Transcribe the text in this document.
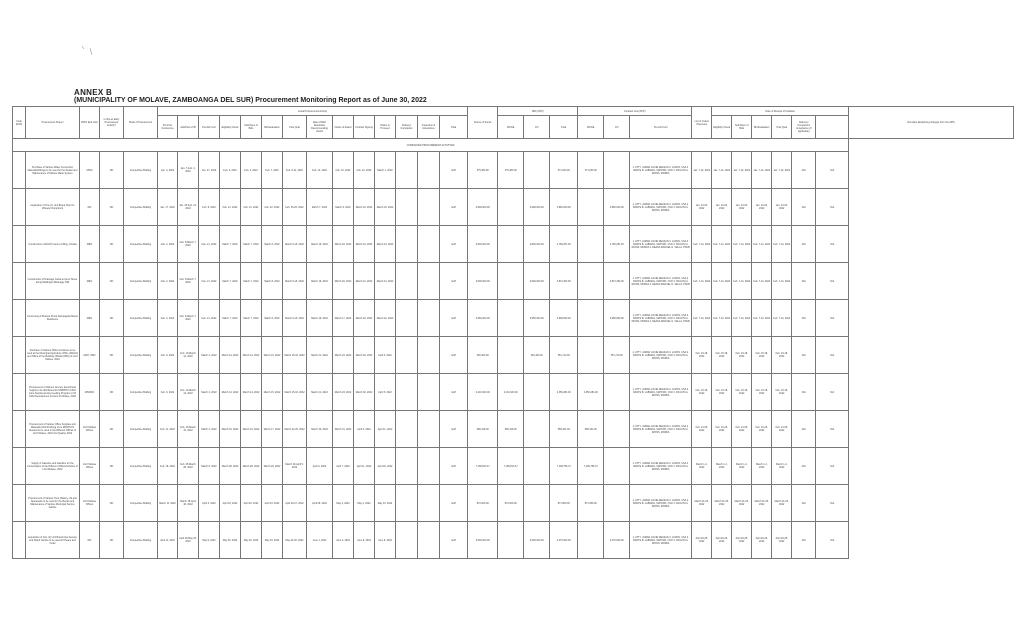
ANNEX B
(MUNICIPALITY OF MOLAVE, ZAMBOANGA DEL SUR) Procurement Monitoring Report as of June 30, 2022
Code (PAP)	Procurement Project	PMO/ End-User	Is this an Early Procurement Activity?	Mode of Procurement	Actual Procurement Activity														Source of Funds	ABC (PhP)			Contract Cost (PhP)			List of Invited Observers	Date of Receipt of Invitation						Remarks (Explaining changes from the APP)
					Pre-Proc Conference	Ads/Post of IB	Pre-bid Conf	Eligibility Check	Sub/Open of Bids	Bid Evaluation	Post Qual	Date of BAC Resolution Recommending Award	Notice of Award	Contract Signing	Notice to Proceed	Delivery/ Completion	Inspection & Acceptance	Total		MOOE	CO	Total	MOOE	CO	Pre-bid Conf		Eligibility Check	Sub/Open of Bids	Bid Evaluation	Post Qual	Delivery/ Completion/ Acceptance (If applicable)		
COMPLETED PROCUREMENT ACTIVITIES																																	
	Purchase of Various Water Connection Materials/Fittings to be used for the Repair and Maintenance of Molave Water System	MWS	NO	Competitive Bidding	Jan. 3, 2022	Jan. 7-Feb. 4, 2022	Jan. 27, 2022	Feb. 4, 2022	Feb. 4, 2022	Feb. 7, 2022	Feb. 8-11, 2022	Feb. 14, 2022	Feb. 16, 2022	Feb. 22, 2022	March 1, 2022			GoP	375,480.00	375,480.00		371,630.00	371,630.00		1. ATTY. JAMAD LOUIE DEASAN 4. LUZON, CSA 2. DANTE B. LABIANG, MATFDN, CSO 3. PAULITA A. IRONS, MORFA	Jan. 7-12, 2022	Jan. 7-12, 2022	Jan. 7-12, 2022	Jan. 7-12, 2022	Jan. 7-12, 2022	N/A	N/A	
	Acquisition of One (1) Unit Brand New 10-Wheeler Dumptruck	MO	NO	Competitive Bidding	Jan. 17, 2022	Jan. 25-Feb. 21, 2022	Feb. 9, 2022	Feb. 21, 2022	Feb. 21, 2022	Feb. 22, 2022	Feb. 23-25, 2022	March 7, 2022	March 9, 2022	March 16, 2022	March 16, 2022			GoP	4,999,000.00		4,999,000.00	4,860,000.00		4,860,000.00	1. ATTY. JAMAD LOUIE DEASAN 4. LUZON, CSA 2. DANTE B. LABIANG, MATFDN, CSO 3. PAULITA A. IRONS, MORFA	Jan. 24-26, 2022	Jan. 24-26, 2022	Jan. 24-26, 2022	Jan. 24-26, 2022	Jan. 24-26, 2022	N/A	N/A	
	Construction of ECCD Center at Brgy. Simata	MEO	NO	Competitive Bidding	Feb. 2, 2022	Feb. 8-March 7, 2022	Feb. 21, 2022	March 7, 2022	March 7, 2022	March 8, 2022	March 9-15, 2022	March 16, 2022	March 18, 2022	March 24, 2022	March 24, 2022			GoP	2,800,000.00		2,800,000.00	2,769,251.25		2,769,251.25	1. ATTY. JAMAD LOUIE DEASAN 4. LUZON, CSA 2. DANTE B. LABIANG, MATFDN, CSO 3. PAULITA A. IRONS, MORFA 4. DEASA MANUEL N. VELLA, PSCB	Feb. 7-14, 2022	Feb. 7-14, 2022	Feb. 7-14, 2022	Feb. 7-14, 2022	Feb. 7-14, 2022	N/A	N/A	
	Construction of Drainage Canal at Kenci Street along Maldingan Barangay Hall	MEO	NO	Competitive Bidding	Feb. 2, 2022	Feb. 8-March 7, 2022	Feb. 21, 2022	March 7, 2022	March 7, 2022	March 8, 2022	March 9-15, 2022	March 16, 2022	March 18, 2022	March 21, 2022	March 21, 2022			GoP	3,900,000.00		3,900,000.00	3,872,452.00		3,872,452.00	1. ATTY. JAMAD LOUIE DEASAN 4. LUZON, CSA 2. DANTE B. LABIANG, MATFDN, CSO 3. PAULITA A. IRONS, MORFA 4. DEASA MANUEL N. VELLA, PSCB	Feb. 7-14, 2022	Feb. 7-14, 2022	Feb. 7-14, 2022	Feb. 7-14, 2022	Feb. 7-14, 2022	N/A	N/A	
	Concreting of Road at Purok Sampaguita Mayor Residence	MEO	NO	Competitive Bidding	Feb. 2, 2022	Feb. 8-March 7, 2022	Feb. 21, 2022	March 7, 2022	March 7, 2022	March 8, 2022	March 9-15, 2022	March 16, 2022	March 17, 2022	March 22, 2022	March 22, 2022			GoP	3,950,000.00		3,950,000.00	3,948,660.00		3,948,660.00	1. ATTY. JAMAD LOUIE DEASAN 4. LUZON, CSA 2. DANTE B. LABIANG, MATFDN, CSO 3. PAULITA A. IRONS, MORFA 4. DEASA MANUEL N. VELLA, PSCB	Feb. 7-14, 2022	Feb. 7-14, 2022	Feb. 7-14, 2022	Feb. 7-14, 2022	Feb. 7-14, 2022	N/A	N/A	
	Purchase of Various Office Furnitures to be used at the Municipal Agriculture Office (MAGO) and Office of the Building Official (OBO) of LGU Molave, 2022	MAO, OBO	NO	Competitive Bidding	Feb. 9, 2022	Feb. 10-March 14, 2022	March 2, 2022	March 14, 2022	March 14, 2022	March 15, 2022	March 15-18, 2022	March 21, 2022	March 23, 2022	March 30, 2022	April 5, 2022			GoP	362,400.00		362,400.00	351,710.00		351,710.00	1. ATTY. JAMAD LOUIE DEASAN 4. LUZON, CSA 2. DANTE B. LABIANG, MATFDN, CSO 3. PAULITA A. IRONS, MORFA	Feb. 15-18, 2022	Feb. 15-18, 2022	Feb. 15-18, 2022	Feb. 15-18, 2022	Feb. 15-18, 2022	N/A	N/A	
	Procurement of Various Grocery Items/Food Supply to be distributed for MSWDO's Child Care Supplementary Feeding Program in 62 Child Development Centers of Molave, 2022	MSWDO	NO	Competitive Bidding	Feb. 9, 2022	Feb. 10-March 14, 2022	March 2, 2022	March 14, 2022	March 14, 2022	March 15, 2022	March 15-18, 2022	March 21, 2022	March 23, 2022	March 30, 2022	April 5, 2022			GoP	2,416,943.00	2,416,943.00		2,356,284.00	2,356,284.00		1. ATTY. JAMAD LOUIE DEASAN 4. LUZON, CSA 2. DANTE B. LABIANG, MATFDN, CSO 3. PAULITA A. IRONS, MORFA	Feb. 15-18, 2022	Feb. 15-18, 2022	Feb. 15-18, 2022	Feb. 15-18, 2022	Feb. 15-18, 2022	N/A	N/A	
	Procurement of Various Office Supplies and Materials (IAS Rushing) to be DPW/NYS Cleared to be used in the Different Offices of LGU Molave, 2022 2nd Quarter 2022	LGU Molave Offices	NO	Competitive Bidding	Feb. 11, 2022	Feb. 16-March 16, 2022	March 4, 2022	March 16, 2022	March 16, 2022	March 17, 2022	March 22-29, 2022	March 30, 2022	March 31, 2022	April 5, 2022	April 11, 2022			GoP	665,128.00	665,128.00		658,431.00	658,431.00		1. ATTY. JAMAD LOUIE DEASAN 4. LUZON, CSA 2. DANTE B. LABIANG, MATFDN, CSO 3. PAULITA A. IRONS, MORFA	Feb. 21-25, 2022	Feb. 21-25, 2022	Feb. 21-25, 2022	Feb. 21-25, 2022	Feb. 21-25, 2022	N/A	N/A	
	Supply of Gasoline and Gasoline for the Consumption of the Different Offices/Vehicles of LGU Molave, 2022	LGU Molave Offices	NO	Competitive Bidding	Feb. 18, 2022	Feb. 25-March 28, 2022	March 8, 2022	March 28, 2022	March 28, 2022	March 29, 2022	March 29-April 5, 2022	April 6, 2022	April 7, 2022	April 11, 2022	April 20, 2022			GoP	7,168,813.47	7,168,813.47		7,108,758.72	7,108,758.72		1. ATTY. JAMAD LOUIE DEASAN 4. LUZON, CSA 2. DANTE B. LABIANG, MATFDN, CSO 3. PAULITA A. IRONS, MORFA	March 1-4, 2022	March 1-4, 2022	March 1-4, 2022	March 1-4, 2022	March 1-4, 2022	N/A	N/A	
	Procurement of Various Tires, Battery, Oil and Spareparts to be used for the Repair and Maintenance of Various Municipal Service Vehicle	LGU Molave Offices	NO	Competitive Bidding	March 11, 2022	March 18-April 18, 2022	April 4, 2022	April 18, 2022	April 18, 2022	April 19, 2022	April 20-27, 2022	April 28, 2022	May 2, 2022	May 4, 2022	May 10, 2022			GoP	872,000.00	872,000.00		871,650.00	871,650.00		1. ATTY. JAMAD LOUIE DEASAN 4. LUZON, CSA 2. DANTE B. LABIANG, MATFDN, CSO 3. PAULITA A. IRONS, MORFA	March 21-25, 2022	March 21-25, 2022	March 21-25, 2022	March 21-25, 2022	March 21-25, 2022	N/A	N/A	
	Acquisition of One (1) Unit Brand New Service and Patrol Vehicle to be used for Peace and Order	MO	NO	Competitive Bidding	April 11, 2022	April 18-May 20, 2022	May 9, 2022	May 20, 2022	May 20, 2022	May 23, 2022	May 24-30, 2022	June 1, 2022	June 3, 2022	June 8, 2022	June 8, 2022			GoP	2,500,000.00		2,500,000.00	2,470,000.00		2,470,000.00	1. ATTY. JAMAD LOUIE DEASAN 4. LUZON, CSA 2. DANTE B. LABIANG, MATFDN, CSO 3. PAULITA A. IRONS, MORFA	April 20-25, 2022	April 20-25, 2022	April 20-25, 2022	April 20-25, 2022	April 20-25, 2022	N/A	N/A	
